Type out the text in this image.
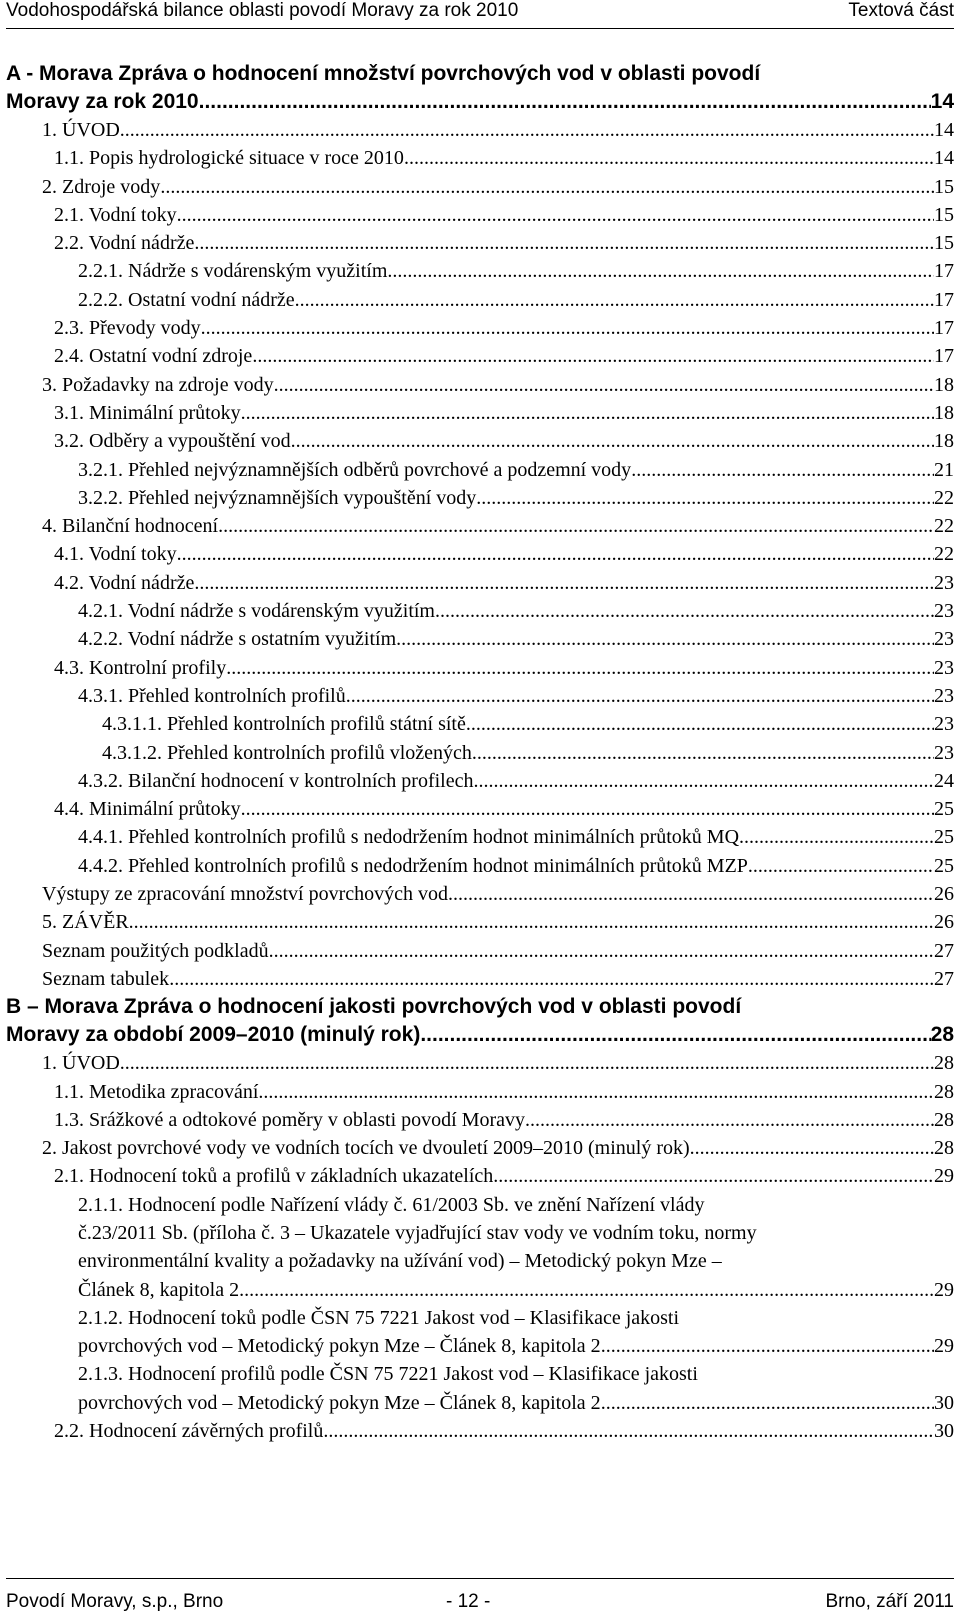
Vodohospodářská bilance oblasti povodí Moravy za rok 2010	Textová část
A - Morava Zpráva o hodnocení množství povrchových vod v oblasti povodí
Moravy za rok 2010 .....	14
1. ÚVOD .....	14
1.1. Popis hydrologické situace v roce 2010 .....	14
2. Zdroje vody .....	15
2.1. Vodní toky .....	15
2.2. Vodní nádrže .....	15
2.2.1. Nádrže s vodárenským využitím .....	17
2.2.2. Ostatní vodní nádrže .....	17
2.3. Převody vody .....	17
2.4. Ostatní vodní zdroje .....	17
3. Požadavky na zdroje vody .....	18
3.1. Minimální průtoky .....	18
3.2. Odběry a vypouštění vod .....	18
3.2.1. Přehled nejvýznamnějších odběrů povrchové a podzemní vody .....	21
3.2.2. Přehled nejvýznamnějších vypouštění vody .....	22
4. Bilanční hodnocení .....	22
4.1. Vodní toky .....	22
4.2. Vodní nádrže .....	23
4.2.1. Vodní nádrže s vodárenským využitím .....	23
4.2.2. Vodní nádrže s ostatním využitím .....	23
4.3. Kontrolní profily .....	23
4.3.1. Přehled kontrolních profilů .....	23
4.3.1.1. Přehled kontrolních profilů státní sítě .....	23
4.3.1.2. Přehled kontrolních profilů vložených .....	23
4.3.2. Bilanční hodnocení v kontrolních profilech .....	24
4.4. Minimální průtoky .....	25
4.4.1. Přehled kontrolních profilů s nedodržením hodnot minimálních průtoků MQ .....	25
4.4.2. Přehled kontrolních profilů s nedodržením hodnot minimálních průtoků MZP .....	25
Výstupy ze zpracování množství povrchových vod .....	26
5. ZÁVĚR .....	26
Seznam použitých podkladů .....	27
Seznam tabulek .....	27
B – Morava Zpráva o hodnocení jakosti povrchových vod v oblasti povodí
Moravy za období 2009–2010 (minulý rok) .....	28
1. ÚVOD .....	28
1.1. Metodika zpracování .....	28
1.3. Srážkové a odtokové poměry v oblasti povodí Moravy .....	28
2. Jakost povrchové vody ve vodních tocích ve dvouletí 2009–2010 (minulý rok) .....	28
2.1. Hodnocení toků a profilů v základních ukazatelích .....	29
2.1.1. Hodnocení podle Nařízení vlády č. 61/2003 Sb. ve znění Nařízení vlády
č.23/2011 Sb. (příloha č. 3 – Ukazatele vyjadřující stav vody ve vodním toku, normy
environmentální kvality a požadavky na užívání vod) – Metodický pokyn Mze –
Článek 8, kapitola 2 .....	29
2.1.2. Hodnocení toků podle ČSN 75 7221 Jakost vod – Klasifikace jakosti
povrchových vod – Metodický pokyn Mze – Článek 8, kapitola 2 .....	29
2.1.3. Hodnocení profilů podle ČSN 75 7221 Jakost vod – Klasifikace jakosti
povrchových vod – Metodický pokyn Mze – Článek 8, kapitola 2 .....	30
2.2. Hodnocení závěrných profilů .....	30
Povodí Moravy, s.p., Brno	- 12 -	Brno, září 2011
